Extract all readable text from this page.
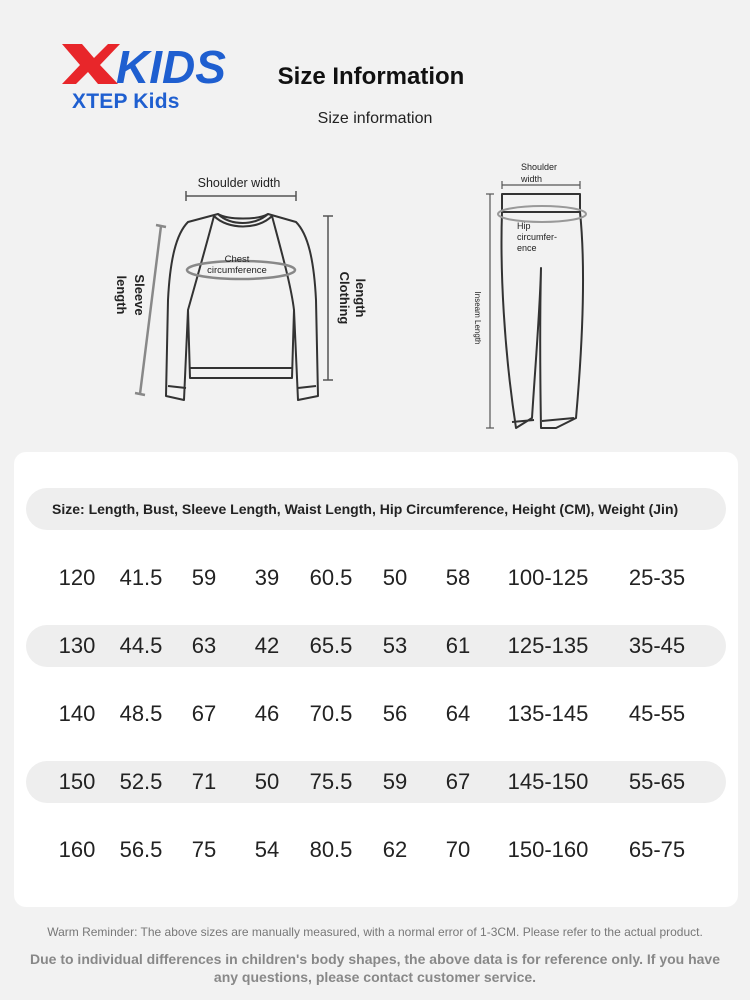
KIDS
XTEP Kids
Size Information
Size information
Shoulder width
Chest
circumference
Sleeve
length	Clothing length
Shoulder
width
Hip
circumfer-
ence
Inseam Length
Size: Length, Bust, Sleeve Length, Waist Length, Hip Circumference, Height (CM), Weight (Jin)
120	41.5	59	39	60.5	50	58	100-125	25-35
130	44.5	63	42	65.5	53	61	125-135	35-45
140	48.5	67	46	70.5	56	64	135-145	45-55
150	52.5	71	50	75.5	59	67	145-150	55-65
160	56.5	75	54	80.5	62	70	150-160	65-75
Warm Reminder: The above sizes are manually measured, with a normal error of 1-3CM. Please refer to the actual product.
Due to individual differences in children's body shapes, the above data is for reference only. If you have any questions, please contact customer service.
